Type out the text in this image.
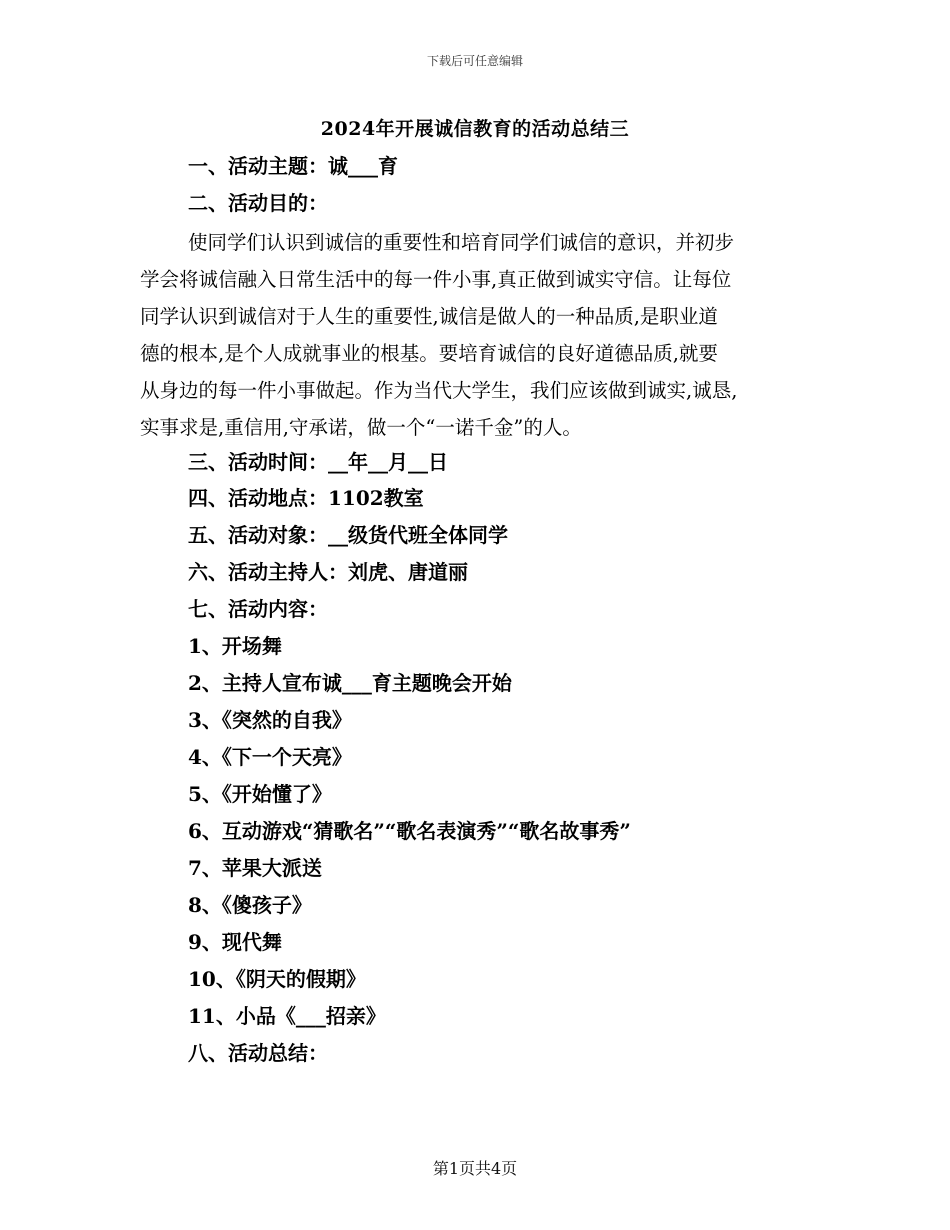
下载后可任意编辑
2024年开展诚信教育的活动总结三
一、活动主题：诚___育
二、活动目的：
使同学们认识到诚信的重要性和培育同学们诚信的意识，并初步
学会将诚信融入日常生活中的每一件小事,真正做到诚实守信。让每位
同学认识到诚信对于人生的重要性,诚信是做人的一种品质,是职业道
德的根本,是个人成就事业的根基。要培育诚信的良好道德品质,就要
从身边的每一件小事做起。作为当代大学生，我们应该做到诚实,诚恳,
实事求是,重信用,守承诺，做一个“一诺千金”的人。
三、活动时间：__年__月__日
四、活动地点：1102教室
五、活动对象：__级货代班全体同学
六、活动主持人：刘虎、唐道丽
七、活动内容：
1、开场舞
2、主持人宣布诚___育主题晚会开始
3、《突然的自我》
4、《下一个天亮》
5、《开始懂了》
6、互动游戏“猜歌名”“歌名表演秀”“歌名故事秀”
7、苹果大派送
8、《傻孩子》
9、现代舞
10、《阴天的假期》
11、小品《___招亲》
八、活动总结：
第1页共4页
